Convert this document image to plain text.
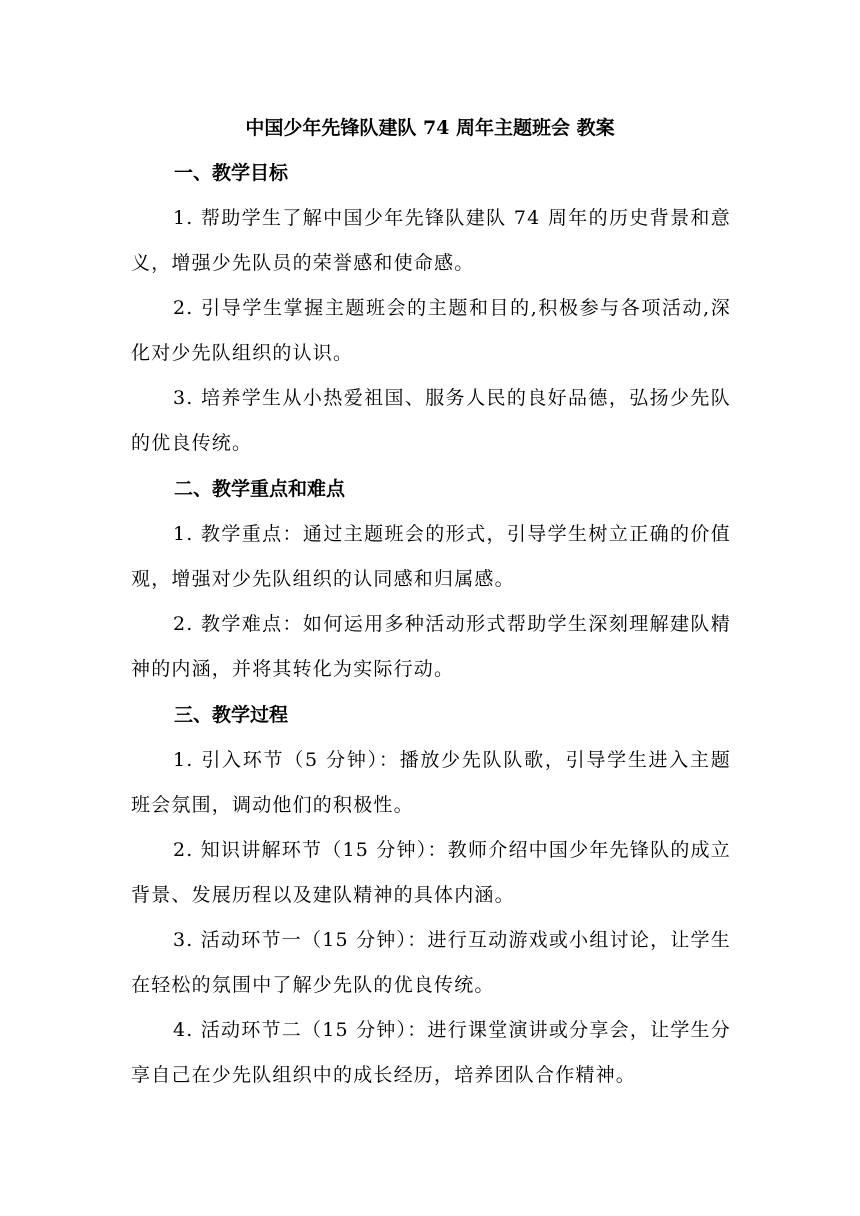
中国少年先锋队建队 74 周年主题班会 教案
一、教学目标
1. 帮助学生了解中国少年先锋队建队 74 周年的历史背景和意义，增强少先队员的荣誉感和使命感。
2. 引导学生掌握主题班会的主题和目的,积极参与各项活动,深化对少先队组织的认识。
3. 培养学生从小热爱祖国、服务人民的良好品德，弘扬少先队的优良传统。
二、教学重点和难点
1. 教学重点：通过主题班会的形式，引导学生树立正确的价值观，增强对少先队组织的认同感和归属感。
2. 教学难点：如何运用多种活动形式帮助学生深刻理解建队精神的内涵，并将其转化为实际行动。
三、教学过程
1. 引入环节（5 分钟）：播放少先队队歌，引导学生进入主题班会氛围，调动他们的积极性。
2. 知识讲解环节（15 分钟）：教师介绍中国少年先锋队的成立背景、发展历程以及建队精神的具体内涵。
3. 活动环节一（15 分钟）：进行互动游戏或小组讨论，让学生在轻松的氛围中了解少先队的优良传统。
4. 活动环节二（15 分钟）：进行课堂演讲或分享会，让学生分享自己在少先队组织中的成长经历，培养团队合作精神。
